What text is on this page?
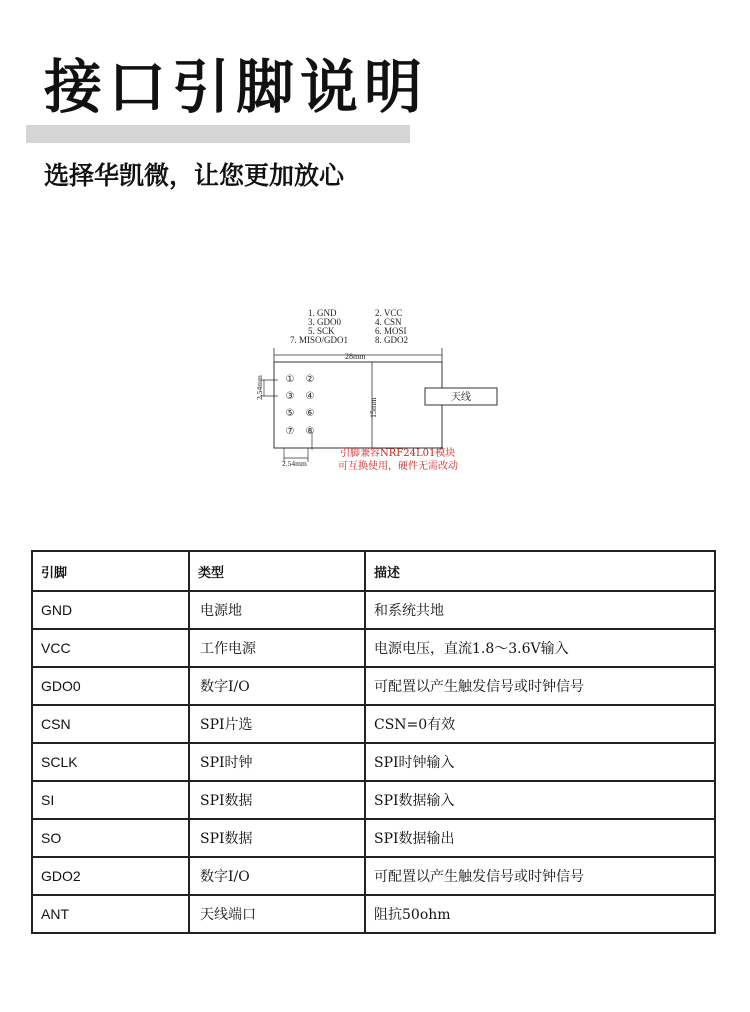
接口引脚说明
选择华凯微，让您更加放心
1. GND	2. VCC
3. GDO0	4. CSN
5. SCK	6. MOSI
7. MISO/GDO1	8. GDO2
28mm
15mm
2.54mm ① ②
③ ④
⑤ ⑥
⑦ ⑧
天线
2.54mm
引脚兼容NRF24L01模块
可互换使用，硬件无需改动
引脚	类型	描述
GND	电源地	和系统共地
VCC	工作电源	电源电压，直流1.8～3.6V输入
GDO0	数字I/O	可配置以产生触发信号或时钟信号
CSN	SPI片选	CSN=0有效
SCLK	SPI时钟	SPI时钟输入
SI	SPI数据	SPI数据输入
SO	SPI数据	SPI数据输出
GDO2	数字I/O	可配置以产生触发信号或时钟信号
ANT	天线端口	阻抗50ohm
